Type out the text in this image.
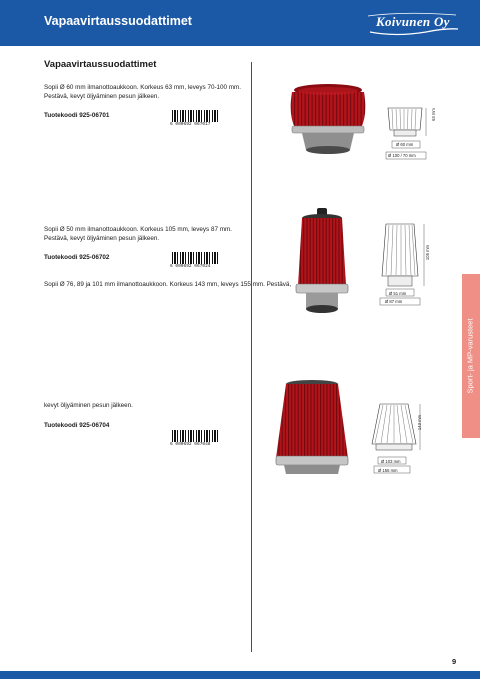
Vapaavirtaussuodattimet	Koivunen Oy
Vapaavirtaussuodattimet
Sopii Ø 60 mm ilmanottoaukkoon. Korkeus 63 mm, leveys 70-100 mm.
Pestävä, kevyt öljyäminen pesun jälkeen.
Tuotekoodi 925-06701
6 000692 067017
Sopii Ø 50 mm ilmanottoaukkoon. Korkeus 105 mm, leveys 87 mm.
Pestävä, kevyt öljyäminen pesun jälkeen.
Tuotekoodi 925-06702
6 000692 067024
Sopii Ø 76, 89 ja 101 mm ilmanottoaukkoon. Korkeus 143 mm, leveys 155 mm. Pestävä,
kevyt öljyäminen pesun jälkeen.
Tuotekoodi 925-06704
6 000692 067048
63 mm
Ø 60 mm
Ø 100 / 70 mm
105 mm
Ø 51 mm
Ø 87 mm
143 mm
Ø 103 mm
Ø 155 mm
Sport- ja MP-varusteet
9
